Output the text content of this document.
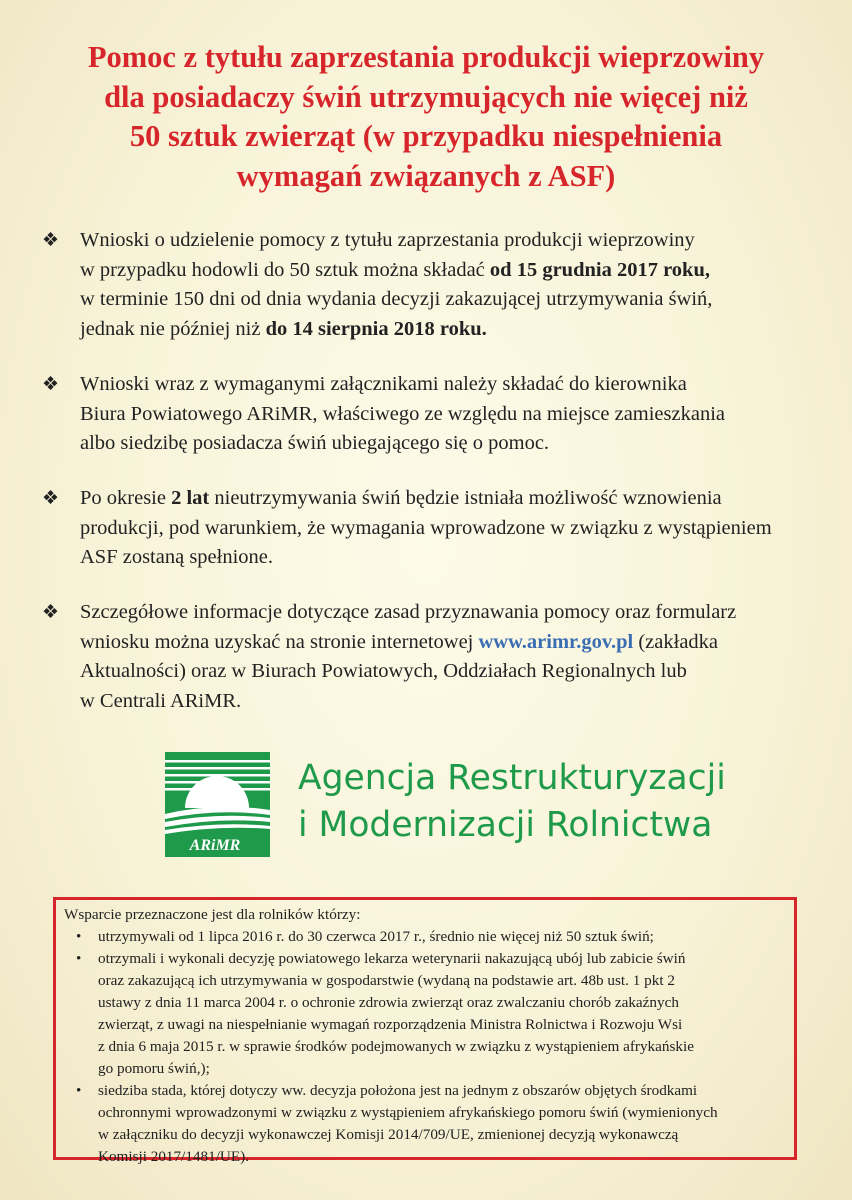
Pomoc z tytułu zaprzestania produkcji wieprzowiny
dla posiadaczy świń utrzymujących nie więcej niż
50 sztuk zwierząt (w przypadku niespełnienia
wymagań związanych z ASF)
❖	Wnioski o udzielenie pomocy z tytułu zaprzestania produkcji wieprzowiny
w przypadku hodowli do 50 sztuk można składać od 15 grudnia 2017 roku,
w terminie 150 dni od dnia wydania decyzji zakazującej utrzymywania świń,
jednak nie później niż do 14 sierpnia 2018 roku.
❖	Wnioski wraz z wymaganymi załącznikami należy składać do kierownika
Biura Powiatowego ARiMR, właściwego ze względu na miejsce zamieszkania
albo siedzibę posiadacza świń ubiegającego się o pomoc.
❖	Po okresie 2 lat nieutrzymywania świń będzie istniała możliwość wznowienia
produkcji, pod warunkiem, że wymagania wprowadzone w związku z wystąpieniem
ASF zostaną spełnione.
❖	Szczegółowe informacje dotyczące zasad przyznawania pomocy oraz formularz
wniosku można uzyskać na stronie internetowej www.arimr.gov.pl (zakładka
Aktualności) oraz w Biurach Powiatowych, Oddziałach Regionalnych lub
w Centrali ARiMR.
ARiMR
Agencja Restrukturyzacji
i Modernizacji Rolnictwa
Wsparcie przeznaczone jest dla rolników którzy:
• utrzymywali od 1 lipca 2016 r. do 30 czerwca 2017 r., średnio nie więcej niż 50 sztuk świń;
• otrzymali i wykonali decyzję powiatowego lekarza weterynarii nakazującą ubój lub zabicie świń
oraz zakazującą ich utrzymywania w gospodarstwie (wydaną na podstawie art. 48b ust. 1 pkt 2
ustawy z dnia 11 marca 2004 r. o ochronie zdrowia zwierząt oraz zwalczaniu chorób zakaźnych
zwierząt, z uwagi na niespełnianie wymagań rozporządzenia Ministra Rolnictwa i Rozwoju Wsi
z dnia 6 maja 2015 r. w sprawie środków podejmowanych w związku z wystąpieniem afrykańskie
go pomoru świń,);
• siedziba stada, której dotyczy ww. decyzja położona jest na jednym z obszarów objętych środkami
ochronnymi wprowadzonymi w związku z wystąpieniem afrykańskiego pomoru świń (wymienionych
w załączniku do decyzji wykonawczej Komisji 2014/709/UE, zmienionej decyzją wykonawczą
Komisji 2017/1481/UE).
